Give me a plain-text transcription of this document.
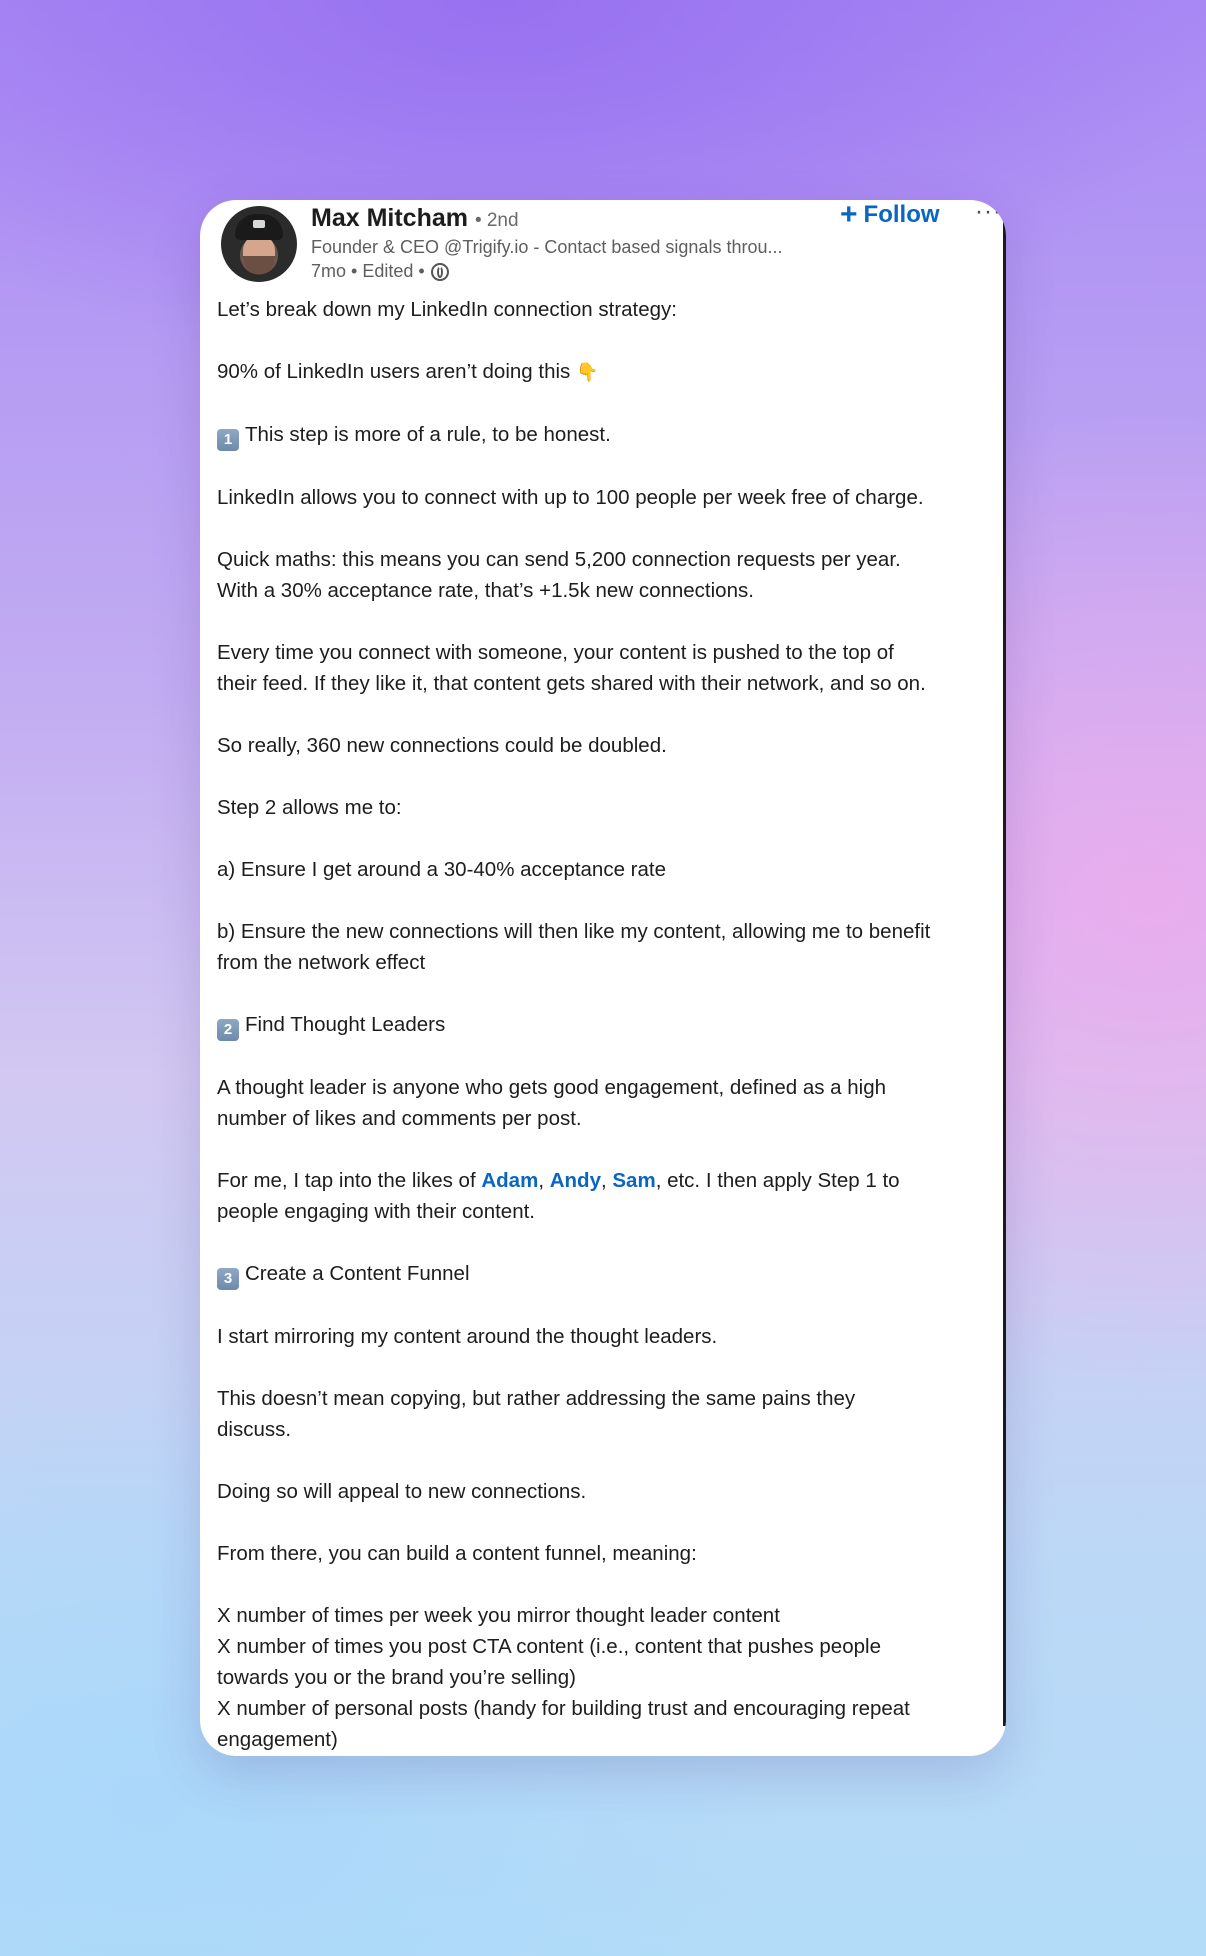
Max Mitcham • 2nd
Founder & CEO @Trigify.io - Contact based signals throu...
7mo • Edited •
+ Follow ···

Let’s break down my LinkedIn connection strategy:

90% of LinkedIn users aren’t doing this 👇

1 This step is more of a rule, to be honest.

LinkedIn allows you to connect with up to 100 people per week free of charge.

Quick maths: this means you can send 5,200 connection requests per year.
With a 30% acceptance rate, that’s +1.5k new connections.

Every time you connect with someone, your content is pushed to the top of
their feed. If they like it, that content gets shared with their network, and so on.

So really, 360 new connections could be doubled.

Step 2 allows me to:

a) Ensure I get around a 30-40% acceptance rate

b) Ensure the new connections will then like my content, allowing me to benefit
from the network effect

2 Find Thought Leaders

A thought leader is anyone who gets good engagement, defined as a high
number of likes and comments per post.

For me, I tap into the likes of Adam, Andy, Sam, etc. I then apply Step 1 to
people engaging with their content.

3 Create a Content Funnel

I start mirroring my content around the thought leaders.

This doesn’t mean copying, but rather addressing the same pains they
discuss.

Doing so will appeal to new connections.

From there, you can build a content funnel, meaning:

X number of times per week you mirror thought leader content
X number of times you post CTA content (i.e., content that pushes people
towards you or the brand you’re selling)
X number of personal posts (handy for building trust and encouraging repeat
engagement)
